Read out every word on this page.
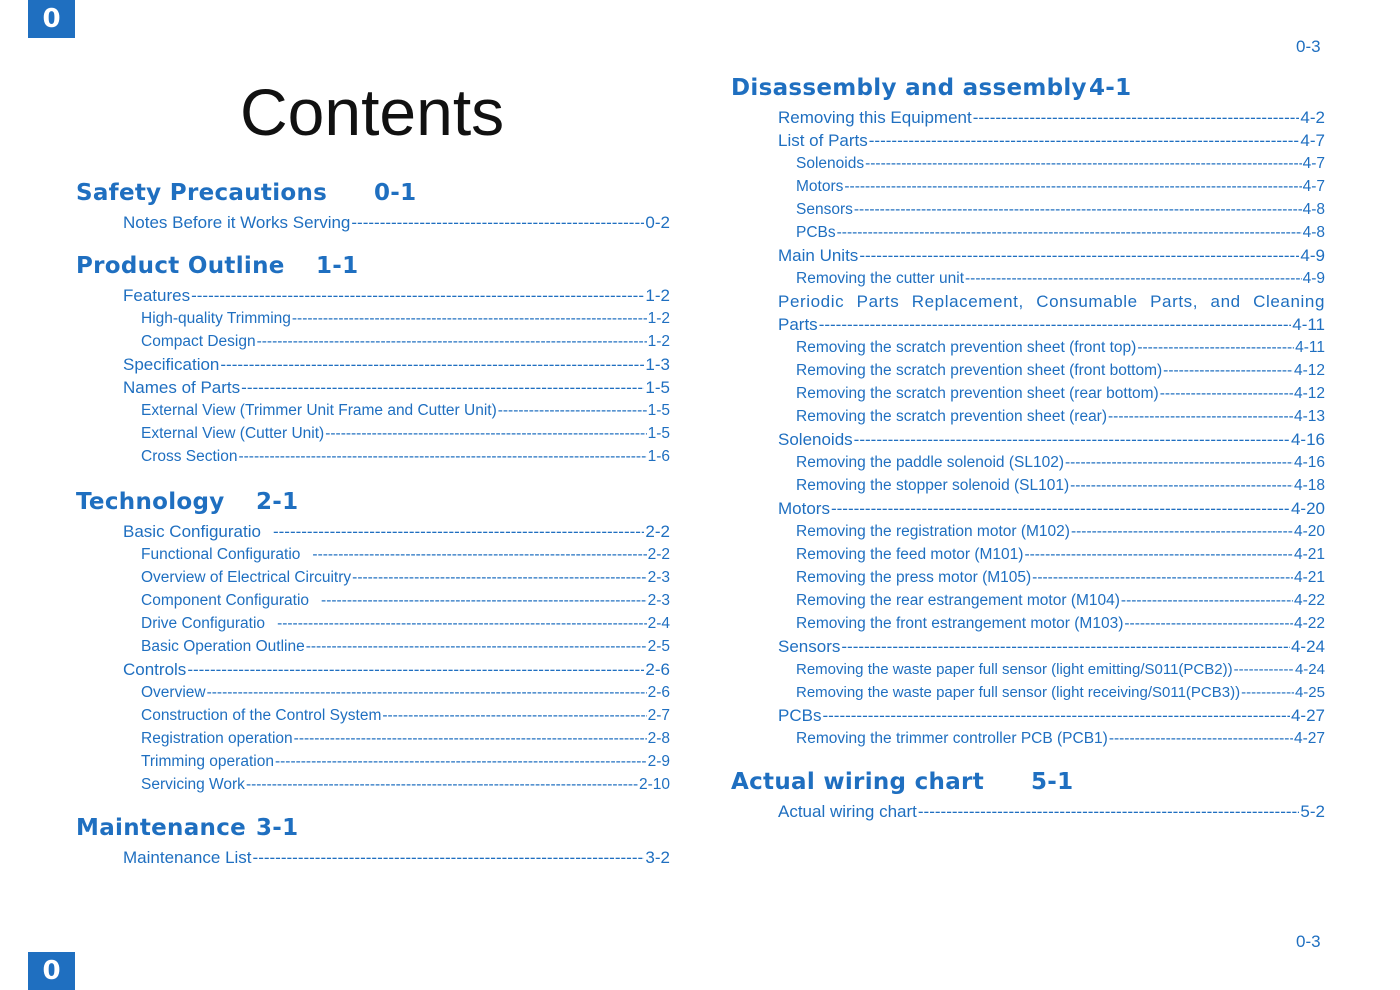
0
0-3
Contents
Safety Precautions	0-1
Notes Before it Works Serving -----	0-2
Product Outline	1-1
Features -----	1-2
High-quality Trimming -----	1-2
Compact Design -----	1-2
Specification -----	1-3
Names of Parts -----	1-5
External View (Trimmer Unit Frame and Cutter Unit) -----	1-5
External View (Cutter Unit) -----	1-5
Cross Section -----	1-6
Technology	2-1
Basic Configuratio -----	2-2
Functional Configuratio -----	2-2
Overview of Electrical Circuitry -----	2-3
Component Configuratio -----	2-3
Drive Configuratio -----	2-4
Basic Operation Outline -----	2-5
Controls -----	2-6
Overview -----	2-6
Construction of the Control System -----	2-7
Registration operation -----	2-8
Trimming operation -----	2-9
Servicing Work -----	2-10
Maintenance 3-1
Maintenance List -----	3-2
Disassembly and assembly 4-1
Removing this Equipment -----	4-2
List of Parts -----	4-7
Solenoids -----	4-7
Motors -----	4-7
Sensors -----	4-8
PCBs -----	4-8
Main Units -----	4-9
Removing the cutter unit -----	4-9
Periodic Parts Replacement, Consumable Parts, and Cleaning
Parts -----	4-11
Removing the scratch prevention sheet (front top) -----	4-11
Removing the scratch prevention sheet (front bottom) -----	4-12
Removing the scratch prevention sheet (rear bottom) -----	4-12
Removing the scratch prevention sheet (rear) -----	4-13
Solenoids -----	4-16
Removing the paddle solenoid (SL102) -----	4-16
Removing the stopper solenoid (SL101) -----	4-18
Motors -----	4-20
Removing the registration motor (M102) -----	4-20
Removing the feed motor (M101) -----	4-21
Removing the press motor (M105) -----	4-21
Removing the rear estrangement motor (M104) -----	4-22
Removing the front estrangement motor (M103) -----	4-22
Sensors -----	4-24
Removing the waste paper full sensor (light emitting/S011(PCB2)) -----	4-24
Removing the waste paper full sensor (light receiving/S011(PCB3)) -----	4-25
PCBs -----	4-27
Removing the trimmer controller PCB (PCB1) -----	4-27
Actual wiring chart	5-1
Actual wiring chart -----	5-2
0
0-3
